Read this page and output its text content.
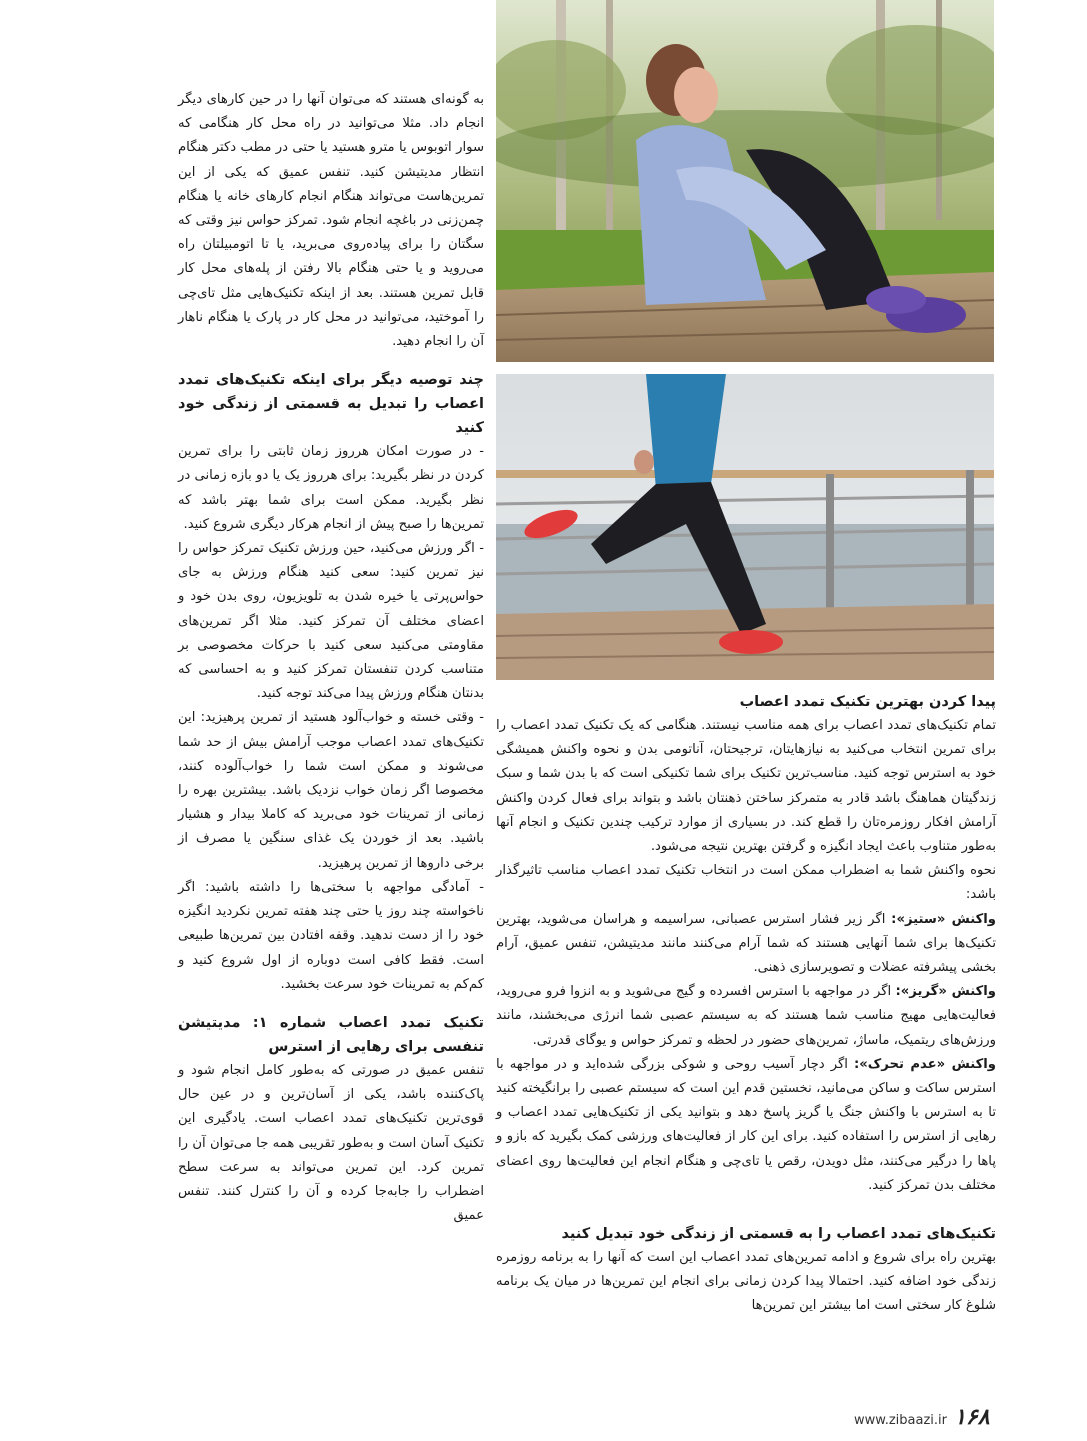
به گونه‌ای هستند که می‌توان آنها را در حین کارهای دیگر انجام داد. مثلا می‌توانید در راه محل کار هنگامی که سوار اتوبوس یا مترو هستید یا حتی در مطب دکتر هنگام انتظار مدیتیشن کنید. تنفس عمیق که یکی از این تمرین‌هاست می‌تواند هنگام انجام کارهای خانه یا هنگام چمن‌زنی در باغچه انجام شود. تمرکز حواس نیز وقتی که سگتان را برای پیاده‌روی می‌برید، یا تا اتومبیلتان راه می‌روید و یا حتی هنگام بالا رفتن از پله‌های محل کار قابل تمرین هستند. بعد از اینکه تکنیک‌هایی مثل تای‌چی را آموختید، می‌توانید در محل کار در پارک یا هنگام ناهار آن را انجام دهید.

چند توصیه دیگر برای اینکه تکنیک‌های تمدد اعصاب را تبدیل به قسمتی از زندگی خود کنید

- در صورت امکان هرروز زمان ثابتی را برای تمرین کردن در نظر بگیرید: برای هرروز یک یا دو بازه زمانی در نظر بگیرید. ممکن است برای شما بهتر باشد که تمرین‌ها را صبح پیش از انجام هرکار دیگری شروع کنید.

- اگر ورزش می‌کنید، حین ورزش تکنیک تمرکز حواس را نیز تمرین کنید: سعی کنید هنگام ورزش به جای حواس‌پرتی یا خیره شدن به تلویزیون، روی بدن خود و اعضای مختلف آن تمرکز کنید. مثلا اگر تمرین‌های مقاومتی می‌کنید سعی کنید با حرکات مخصوصی بر متناسب کردن تنفستان تمرکز کنید و به احساسی که بدنتان هنگام ورزش پیدا می‌کند توجه کنید.

- وقتی خسته و خواب‌آلود هستید از تمرین پرهیزید: این تکنیک‌های تمدد اعصاب موجب آرامش بیش از حد شما می‌شوند و ممکن است شما را خواب‌آلوده کنند، مخصوصا اگر زمان خواب نزدیک باشد. بیشترین بهره را زمانی از تمرینات خود می‌برید که کاملا بیدار و هشیار باشید. بعد از خوردن یک غذای سنگین یا مصرف از برخی داروها از تمرین پرهیزید.

- آمادگی مواجهه با سختی‌ها را داشته باشید: اگر ناخواسته چند روز یا حتی چند هفته تمرین نکردید انگیزه خود را از دست ندهید. وقفه افتادن بین تمرین‌ها طبیعی است. فقط کافی است دوباره از اول شروع کنید و کم‌کم به تمرینات خود سرعت بخشید.

تکنیک تمدد اعصاب شماره ۱: مدیتیشن تنفسی برای رهایی از استرس

تنفس عمیق در صورتی که به‌طور کامل انجام شود و پاک‌کننده باشد، یکی از آسان‌ترین و در عین حال قوی‌ترین تکنیک‌های تمدد اعصاب است. یادگیری این تکنیک آسان است و به‌طور تقریبی همه جا می‌توان آن را تمرین کرد. این تمرین می‌تواند به سرعت سطح اضطراب را جابه‌جا کرده و آن را کنترل کنند. تنفس عمیق

پیدا کردن بهترین تکنیک تمدد اعصاب

تمام تکنیک‌های تمدد اعصاب برای همه مناسب نیستند. هنگامی که یک تکنیک تمدد اعصاب را برای تمرین انتخاب می‌کنید به نیازهایتان، ترجیحتان، آناتومی بدن و نحوه واکنش همیشگی خود به استرس توجه کنید. مناسب‌ترین تکنیک برای شما تکنیکی است که با بدن شما و سبک زندگیتان هماهنگ باشد قادر به متمرکز ساختن ذهنتان باشد و بتواند برای فعال کردن واکنش آرامش افکار روزمره‌تان را قطع کند. در بسیاری از موارد ترکیب چندین تکنیک و انجام آنها به‌طور متناوب باعث ایجاد انگیزه و گرفتن بهترین نتیجه می‌شود.

نحوه واکنش شما به اضطراب ممکن است در انتخاب تکنیک تمدد اعصاب مناسب تاثیرگذار باشد:

واکنش «ستیز»: اگر زیر فشار استرس عصبانی، سراسیمه و هراسان می‌شوید، بهترین تکنیک‌ها برای شما آنهایی هستند که شما آرام می‌کنند مانند مدیتیشن، تنفس عمیق، آرام بخشی پیشرفته عضلات و تصویرسازی ذهنی.

واکنش «گریز»: اگر در مواجهه با استرس افسرده و گیج می‌شوید و به انزوا فرو می‌روید، فعالیت‌هایی مهیج مناسب شما هستند که به سیستم عصبی شما انرژی می‌بخشند، مانند ورزش‌های ریتمیک، ماساژ، تمرین‌های حضور در لحظه و تمرکز حواس و یوگای قدرتی.

واکنش «عدم تحرک»: اگر دچار آسیب روحی و شوکی بزرگی شده‌اید و در مواجهه با استرس ساکت و ساکن می‌مانید، نخستین قدم این است که سیستم عصبی را برانگیخته کنید تا به استرس با واکنش جنگ یا گریز پاسخ دهد و بتوانید یکی از تکنیک‌هایی تمدد اعصاب و رهایی از استرس را استفاده کنید. برای این کار از فعالیت‌های ورزشی کمک بگیرید که بازو و پاها را درگیر می‌کنند، مثل دویدن، رقص یا تای‌چی و هنگام انجام این فعالیت‌ها روی اعضای مختلف بدن تمرکز کنید.

تکنیک‌های تمدد اعصاب را به قسمتی از زندگی خود تبدیل کنید

بهترین راه برای شروع و ادامه تمرین‌های تمدد اعصاب این است که آنها را به برنامه روزمره زندگی خود اضافه کنید. احتمالا پیدا کردن زمانی برای انجام این تمرین‌ها در میان یک برنامه شلوغ کار سختی است اما بیشتر این تمرین‌ها

www.zibaazi.ir ۱۶۸
